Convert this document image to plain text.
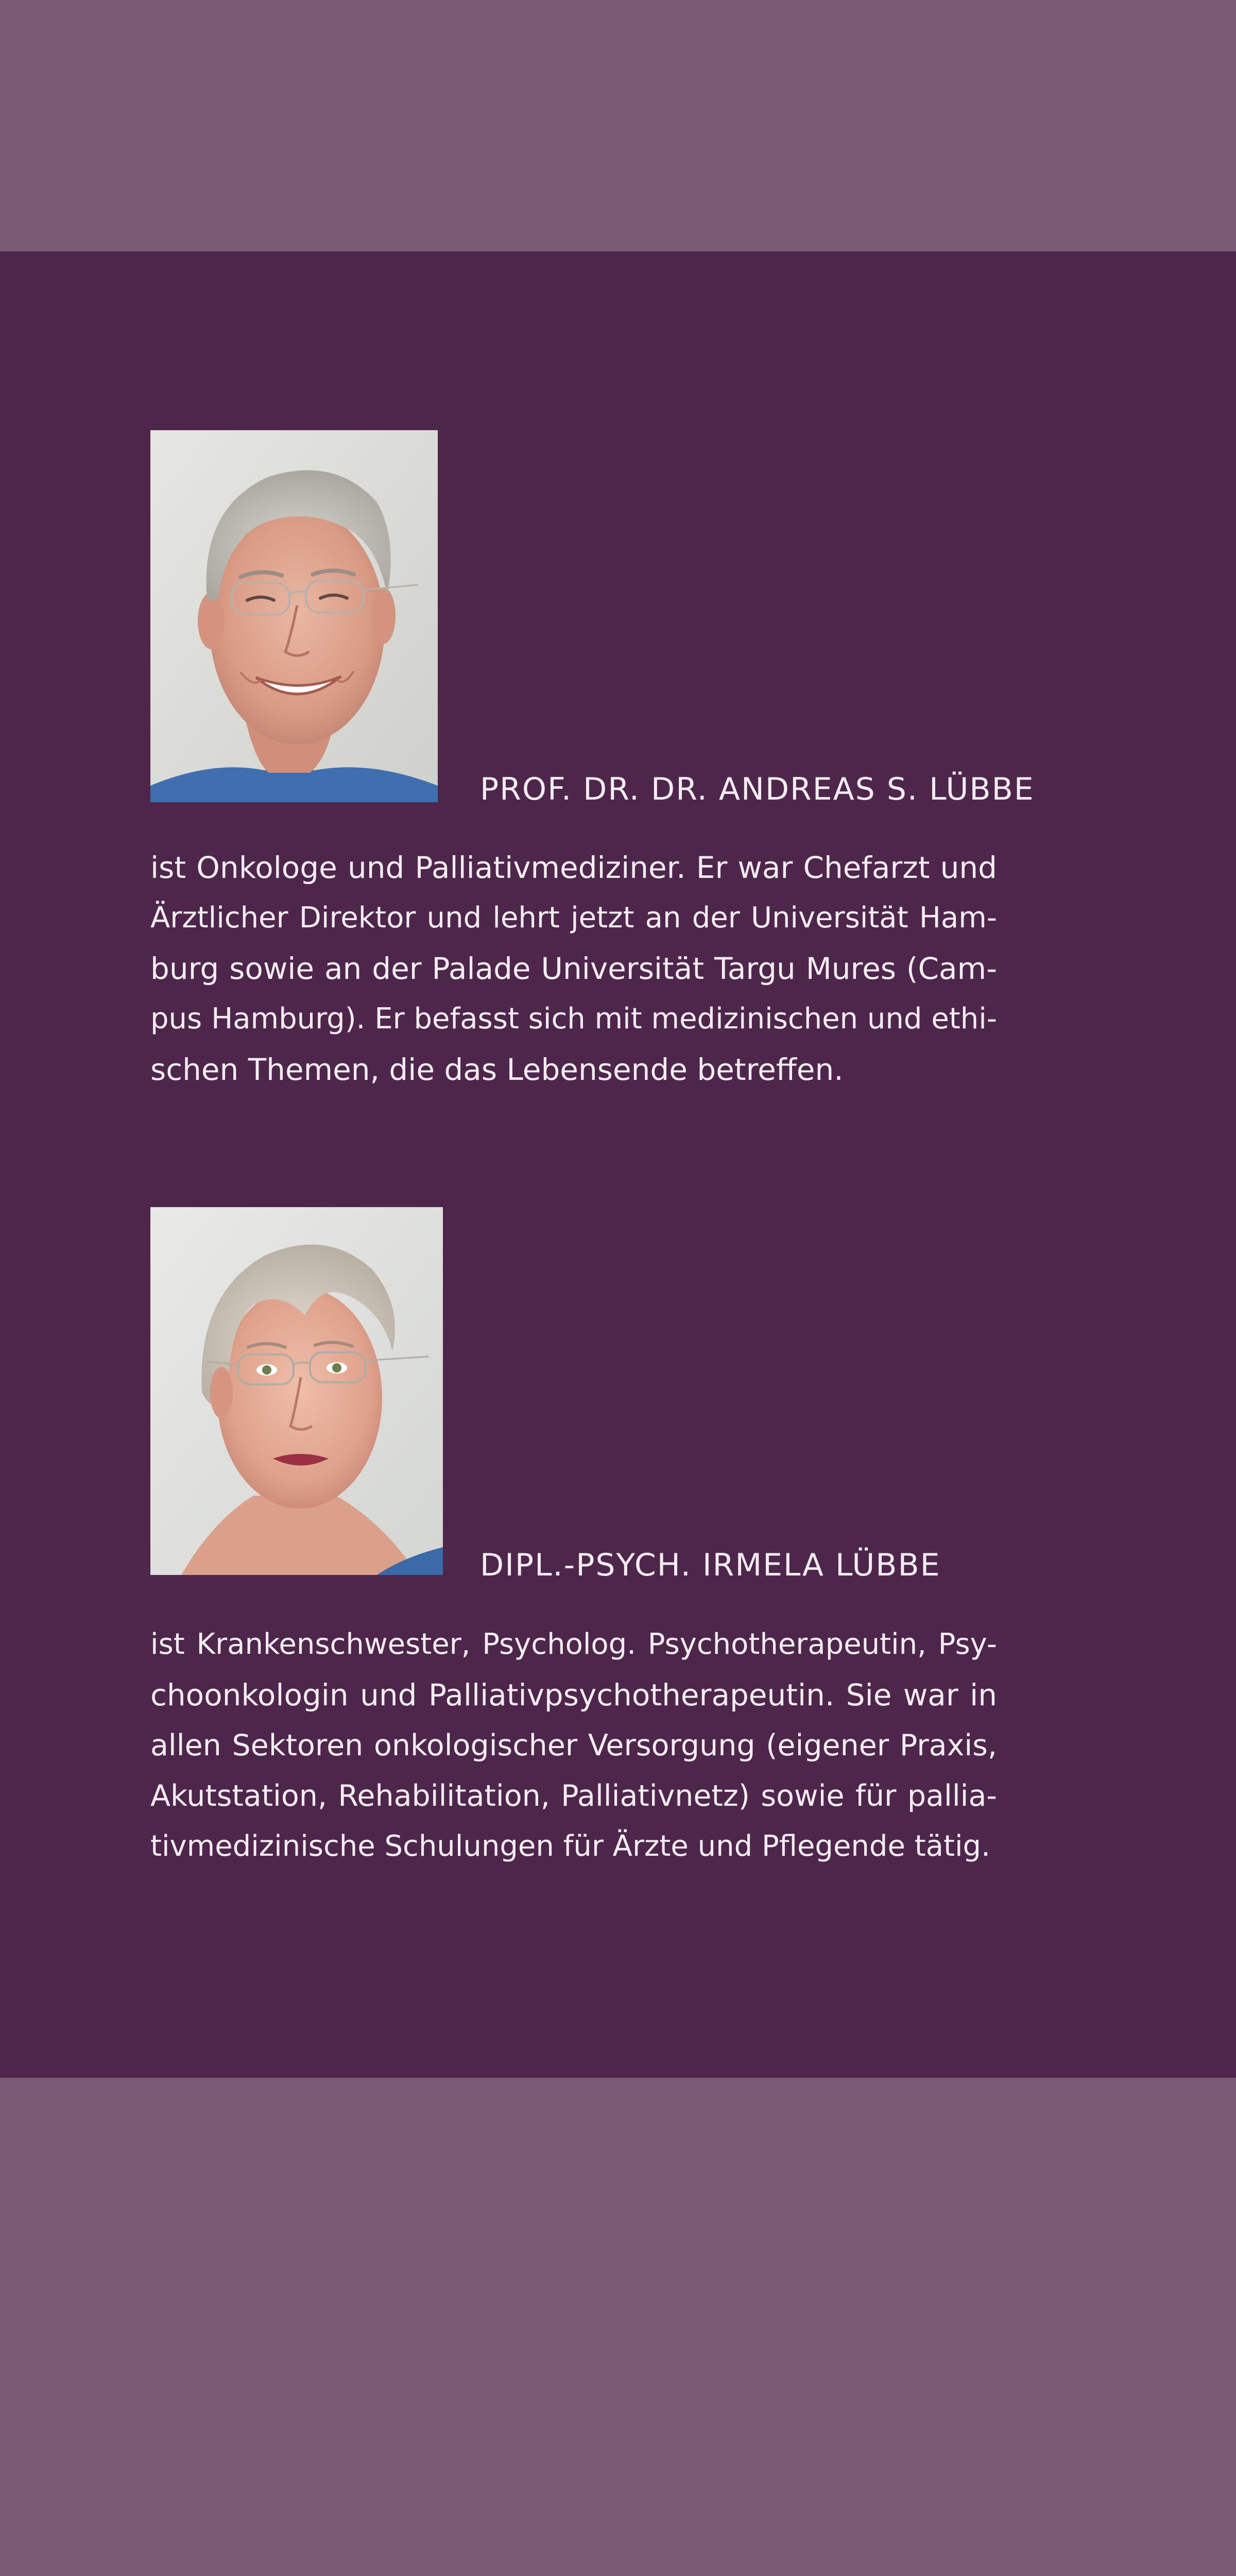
PROF. DR. DR. ANDREAS S. LÜBBE
ist Onkologe und Palliativmediziner. Er war Chefarzt und
Ärztlicher Direktor und lehrt jetzt an der Universität Ham-
burg sowie an der Palade Universität Targu Mures (Cam-
pus Hamburg). Er befasst sich mit medizinischen und ethi-
schen Themen, die das Lebensende betreffen.
DIPL.-PSYCH. IRMELA LÜBBE
ist Krankenschwester, Psycholog. Psychotherapeutin, Psy-
choonkologin und Palliativpsychotherapeutin. Sie war in
allen Sektoren onkologischer Versorgung (eigener Praxis,
Akutstation, Rehabilitation, Palliativnetz) sowie für pallia-
tivmedizinische Schulungen für Ärzte und Pflegende tätig.
